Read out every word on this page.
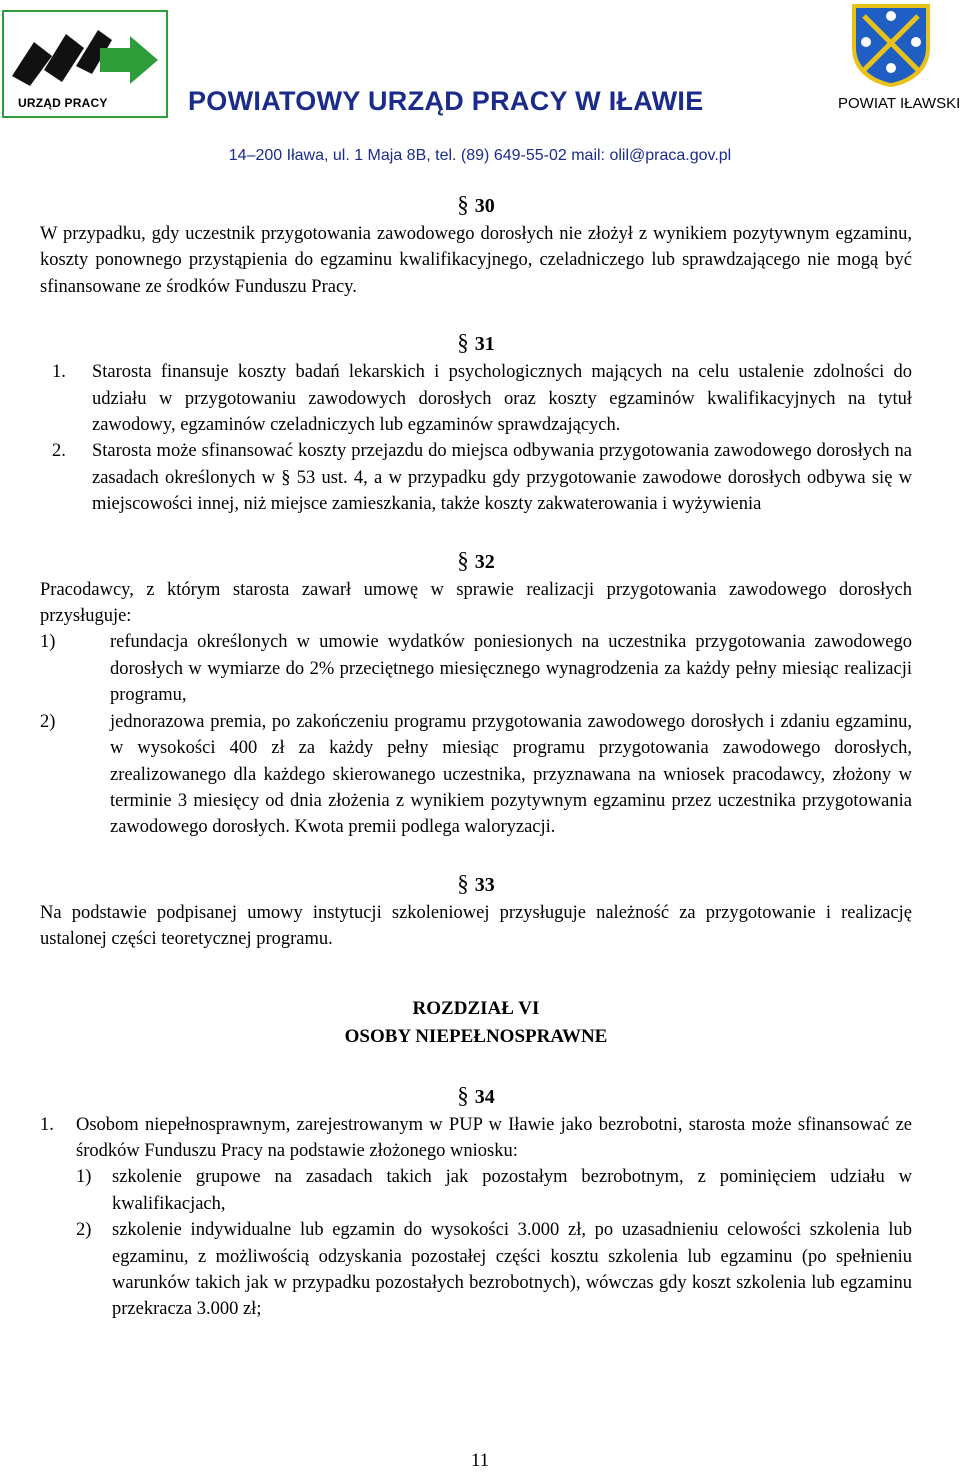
URZĄD PRACY	POWIATOWY URZĄD PRACY W IŁAWIE	POWIAT IŁAWSKI
14–200 Iława, ul. 1 Maja 8B, tel. (89) 649-55-02 mail: olil@praca.gov.pl
§ 30

W przypadku, gdy uczestnik przygotowania zawodowego dorosłych nie złożył z wynikiem pozytywnym egzaminu, koszty ponownego przystąpienia do egzaminu kwalifikacyjnego, czeladniczego lub sprawdzającego nie mogą być sfinansowane ze środków Funduszu Pracy.

§ 31
1.	Starosta finansuje koszty badań lekarskich i psychologicznych mających na celu ustalenie zdolności do udziału w przygotowaniu zawodowych dorosłych oraz koszty egzaminów kwalifikacyjnych na tytuł zawodowy, egzaminów czeladniczych lub egzaminów sprawdzających.
2.	Starosta może sfinansować koszty przejazdu do miejsca odbywania przygotowania zawodowego dorosłych na zasadach określonych w § 53 ust. 4, a w przypadku gdy przygotowanie zawodowe dorosłych odbywa się w miejscowości innej, niż miejsce zamieszkania, także koszty zakwaterowania i wyżywienia
§ 32

Pracodawcy, z którym starosta zawarł umowę w sprawie realizacji przygotowania zawodowego dorosłych przysługuje:

1)	refundacja określonych w umowie wydatków poniesionych na uczestnika przygotowania zawodowego dorosłych w wymiarze do 2% przeciętnego miesięcznego wynagrodzenia za każdy pełny miesiąc realizacji programu,
2)	jednorazowa premia, po zakończeniu programu przygotowania zawodowego dorosłych i zdaniu egzaminu, w wysokości 400 zł za każdy pełny miesiąc programu przygotowania zawodowego dorosłych, zrealizowanego dla każdego skierowanego uczestnika, przyznawana na wniosek pracodawcy, złożony w terminie 3 miesięcy od dnia złożenia z wynikiem pozytywnym egzaminu przez uczestnika przygotowania zawodowego dorosłych. Kwota premii podlega waloryzacji.
§ 33

Na podstawie podpisanej umowy instytucji szkoleniowej przysługuje należność za przygotowanie i realizację ustalonej części teoretycznej programu.

ROZDZIAŁ VI
OSOBY NIEPEŁNOSPRAWNE
§ 34
1.	Osobom niepełnosprawnym, zarejestrowanym w PUP w Iławie jako bezrobotni, starosta może sfinansować ze środków Funduszu Pracy na podstawie złożonego wniosku:
1)	szkolenie grupowe na zasadach takich jak pozostałym bezrobotnym, z pominięciem udziału w kwalifikacjach,
2)	szkolenie indywidualne lub egzamin do wysokości 3.000 zł, po uzasadnieniu celowości szkolenia lub egzaminu, z możliwością odzyskania pozostałej części kosztu szkolenia lub egzaminu (po spełnieniu warunków takich jak w przypadku pozostałych bezrobotnych), wówczas gdy koszt szkolenia lub egzaminu przekracza 3.000 zł;
11
